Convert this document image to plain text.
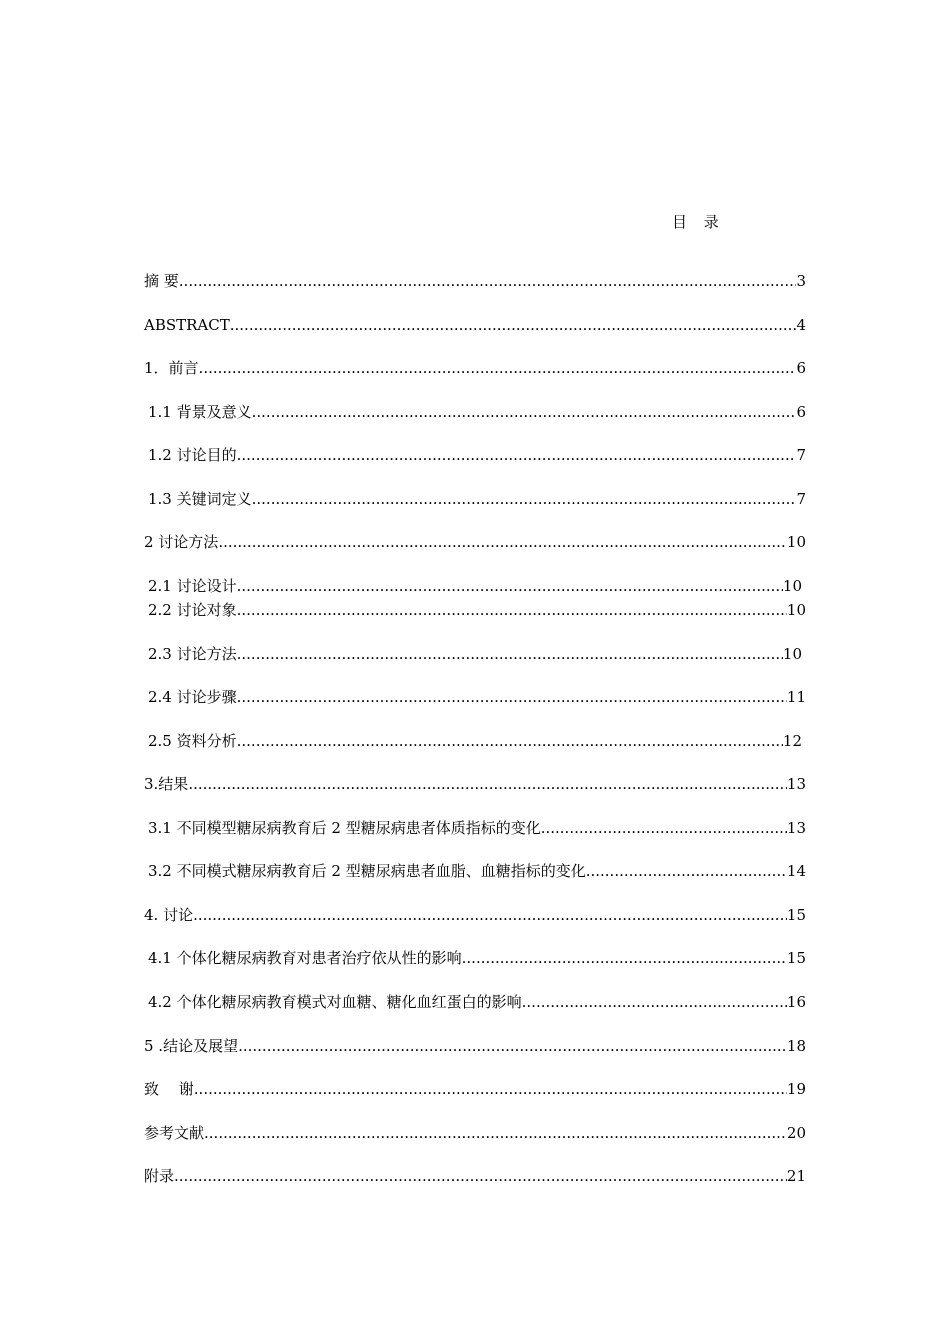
目 录
摘 要 .....	3
ABSTRACT .....	4
1．前言 .....	6
1.1 背景及意义 .....	6
1.2 讨论目的 .....	7
1.3 关键词定义 .....	7
2 讨论方法 .....	10
2.1 讨论设计 .....	10
2.2 讨论对象 .....	10
2.3 讨论方法 .....	10
2.4 讨论步骤 .....	11
2.5 资料分析 .....	12
3.结果 .....	13
3.1 不同模型糖尿病教育后 2 型糖尿病患者体质指标的变化 .....	13
3.2 不同模式糖尿病教育后 2 型糖尿病患者血脂、血糖指标的变化 .....	14
4. 讨论 .....	15
4.1 个体化糖尿病教育对患者治疗依从性的影响 .....	15
4.2 个体化糖尿病教育模式对血糖、糖化血红蛋白的影响 .....	16
5 .结论及展望 .....	18
致　 谢 .....	19
参考文献 .....	20
附录 .....	21
